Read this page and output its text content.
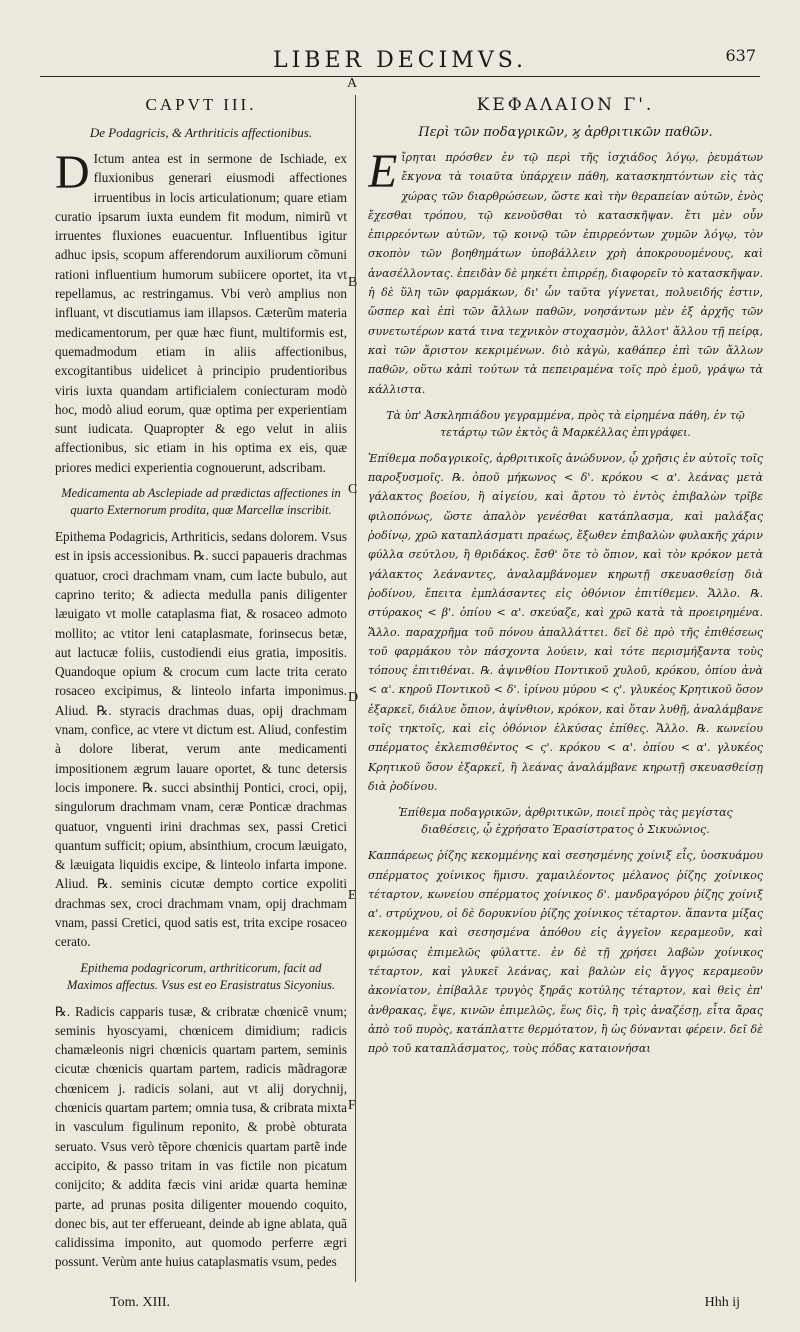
LIBER DECIMVS.	637
A
B
C
D
E
F
CAPVT III.
De Podagricis, & Arthriticis affectionibus.

D Ictum antea est in sermone de Ischiade, ex fluxionibus generari eiusmodi affectiones irruentibus in locis articulationum; quare etiam curatio ipsarum iuxta eundem fit modum, nimirũ vt irruentes fluxiones euacuentur. Influentibus igitur adhuc ipsis, scopum afferendorum auxiliorum cõmuni rationi influentium humorum subiicere oportet, ita vt repellamus, ac restringamus. Vbi verò amplius non influant, vt discutiamus iam illapsos. Cæterũm materia medicamentorum, per quæ hæc fiunt, multiformis est, quemadmodum etiam in aliis affectionibus, excogitantibus uidelicet à principio prudentioribus viris iuxta quandam artificialem coniecturam modò hoc, modò aliud eorum, quæ optima per experientiam sunt iudicata. Quapropter & ego velut in aliis affectionibus, sic etiam in his optima ex eis, quæ priores medici experientia cognouerunt, adscribam.

Medicamenta ab Asclepiade ad prædictas affectiones in quarto Externorum prodita, quæ Marcellæ inscribit.

Epithema Podagricis, Arthriticis, sedans dolorem. Vsus est in ipsis accessionibus. ℞. succi papaueris drachmas quatuor, croci drachmam vnam, cum lacte bubulo, aut caprino terito; & adiecta medulla panis diligenter læuigato vt molle cataplasma fiat, & rosaceo admoto mollito; ac vtitor leni cataplasmate, forinsecus betæ, aut lactucæ foliis, custodiendi eius gratia, impositis. Quandoque opium & crocum cum lacte trita cerato rosaceo excipimus, & linteolo infarta imponimus. Aliud. ℞. styracis drachmas duas, opij drachmam vnam, confice, ac vtere vt dictum est. Aliud, confestim à dolore liberat, verum ante medicamenti impositionem ægrum lauare oportet, & tunc detersis locis imponere. ℞. succi absinthij Pontici, croci, opij, singulorum drachmam vnam, ceræ Ponticæ drachmas quatuor, vnguenti irini drachmas sex, passi Cretici quantum sufficit; opium, absinthium, crocum læuigato, & læuigata liquidis excipe, & linteolo infarta impone. Aliud. ℞. seminis cicutæ dempto cortice expoliti drachmas sex, croci drachmam vnam, opij drachmam vnam, passi Cretici, quod satis est, trita excipe rosaceo cerato.

Epithema podagricorum, arthriticorum, facit ad Maximos affectus. Vsus est eo Erasistratus Sicyonius.

℞. Radicis capparis tusæ, & cribratæ chœnicẽ vnum; seminis hyoscyami, chœnicem dimidium; radicis chamæleonis nigri chœnicis quartam partem, seminis cicutæ chœnicis quartam partem, radicis mãdragoræ chœnicem j. radicis solani, aut vt alij dorychnij, chœnicis quartam partem; omnia tusa, & cribrata mixta in vasculum figulinum reponito, & probè obturata seruato. Vsus verò tẽpore chœnicis quartam partẽ inde accipito, & passo tritam in vas fictile non picatum conijcito; & addita fæcis vini aridæ quarta heminæ parte, ad prunas posita diligenter mouendo coquito, donec bis, aut ter efferueant, deinde ab igne ablata, quã calidissima imponito, aut quomodo perferre ægri possunt. Verùm ante huius cataplasmatis vsum, pedes

ΚΕΦΑΛΑΙΟΝ Γ'.
Περὶ τῶν ποδαγρικῶν, ϗ ἀρθριτικῶν παθῶν.

Εἴρηται πρόσθεν ἐν τῷ περὶ τῆς ἰσχιάδος λόγῳ, ῥευμάτων ἔκγονα τὰ τοιαῦτα ὑπάρχειν πάθη, κατασκηπτόντων εἰς τὰς χώρας τῶν διαρθρώσεων, ὥστε καὶ τὴν θεραπείαν αὐτῶν, ἑνὸς ἔχεσθαι τρόπου, τῷ κενοῦσθαι τὸ κατασκῆψαν. ἔτι μὲν οὖν ἐπιρρεόντων αὐτῶν, τῷ κοινῷ τῶν ἐπιρρεόντων χυμῶν λόγῳ, τὸν σκοπὸν τῶν βοηθημάτων ὑποβάλλειν χρὴ ἀποκρουομένους, καὶ ἀνασέλλοντας. ἐπειδὰν δὲ μηκέτι ἐπιρρέῃ, διαφορεῖν τὸ κατασκῆψαν. ἡ δὲ ὕλη τῶν φαρμάκων, δι' ὧν ταῦτα γίγνεται, πολυειδής ἐστιν, ὥσπερ καὶ ἐπὶ τῶν ἄλλων παθῶν, νοησάντων μὲν ἐξ ἀρχῆς τῶν συνετωτέρων κατά τινα τεχνικὸν στοχασμὸν, ἄλλοτ' ἄλλου τῇ πείρᾳ, καὶ τῶν ἄριστον κεκριμένων. διὸ κἀγὼ, καθάπερ ἐπὶ τῶν ἄλλων παθῶν, οὕτω κἀπὶ τούτων τὰ πεπειραμένα τοῖς πρὸ ἐμοῦ, γράψω τὰ κάλλιστα.

Τὰ ὑπ' Ἀσκληπιάδου γεγραμμένα, πρὸς τὰ εἰρημένα πάθη, ἐν τῷ τετάρτῳ τῶν ἐκτὸς ἃ Μαρκέλλας ἐπιγράφει.

Ἐπίθεμα ποδαγρικοῖς, ἀρθριτικοῖς ἀνώδυνον, ᾧ χρῆσις ἐν αὐτοῖς τοῖς παροξυσμοῖς. ℞. ὀποῦ μήκωνος < δ'. κρόκου < α'. λεάνας μετὰ γάλακτος βοείου, ἢ αἰγείου, καὶ ἄρτου τὸ ἐντὸς ἐπιβαλὼν τρῖβε φιλοπόνως, ὥστε ἁπαλὸν γενέσθαι κατάπλασμα, καὶ μαλάξας ῥοδίνῳ, χρῶ καταπλάσματι πραέως, ἔξωθεν ἐπιβαλὼν φυλακῆς χάριν φύλλα σεύτλου, ἢ θριδάκος. ἔσθ' ὅτε τὸ ὄπιον, καὶ τὸν κρόκον μετὰ γάλακτος λεάναντες, ἀναλαμβάνομεν κηρωτῇ σκευασθείσῃ διὰ ῥοδίνου, ἔπειτα ἐμπλάσαντες εἰς ὀθόνιον ἐπιτίθεμεν. Ἄλλο. ℞. στύρακος < β'. ὀπίου < α'. σκεύαζε, καὶ χρῶ κατὰ τὰ προειρημένα. Ἄλλο. παραχρῆμα τοῦ πόνου ἀπαλλάττει. δεῖ δὲ πρὸ τῆς ἐπιθέσεως τοῦ φαρμάκου τὸν πάσχοντα λούειν, καὶ τότε περισμήξαντα τοὺς τόπους ἐπιτιθέναι. ℞. ἀψινθίου Ποντικοῦ χυλοῦ, κρόκου, ὀπίου ἀνὰ < α'. κηροῦ Ποντικοῦ < δ'. ἰρίνου μύρου < ς'. γλυκέος Κρητικοῦ ὅσον ἐξαρκεῖ, διάλυε ὄπιον, ἀψίνθιον, κρόκον, καὶ ὅταν λυθῇ, ἀναλάμβανε τοῖς τηκτοῖς, καὶ εἰς ὀθόνιον ἑλκύσας ἐπίθες. Ἄλλο. ℞. κωνείου σπέρματος ἐκλεπισθέντος < ς'. κρόκου < α'. ὀπίου < α'. γλυκέος Κρητικοῦ ὅσον ἐξαρκεῖ, ἢ λεάνας ἀναλάμβανε κηρωτῇ σκευασθείσῃ διὰ ῥοδίνου.

Ἐπίθεμα ποδαγρικῶν, ἀρθριτικῶν, ποιεῖ πρὸς τὰς μεγίστας διαθέσεις, ᾧ ἐχρήσατο Ἐρασίστρατος ὁ Σικυώνιος.

Καππάρεως ῥίζης κεκομμένης καὶ σεσησμένης χοίνιξ εἷς, ὑοσκυάμου σπέρματος χοίνικος ἥμισυ. χαμαιλέοντος μέλανος ῥίζης χοίνικος τέταρτον, κωνείου σπέρματος χοίνικος δ'. μανδραγόρου ῥίζης χοίνιξ α'. στρύχνου, οἱ δὲ δορυκνίου ῥίζης χοίνικος τέταρτον. ἅπαντα μίξας κεκομμένα καὶ σεσησμένα ἀπόθου εἰς ἀγγεῖον κεραμεοῦν, καὶ φιμώσας ἐπιμελῶς φύλαττε. ἐν δὲ τῇ χρήσει λαβὼν χοίνικος τέταρτον, καὶ γλυκεῖ λεάνας, καὶ βαλὼν εἰς ἄγγος κεραμεοῦν ἀκονίατον, ἐπίβαλλε τρυγὸς ξηρᾶς κοτύλης τέταρτον, καὶ θεὶς ἐπ' ἀνθρακας, ἕψε, κινῶν ἐπιμελῶς, ἕως δὶς, ἢ τρὶς ἀναζέσῃ, εἶτα ἄρας ἀπὸ τοῦ πυρὸς, κατάπλαττε θερμότατον, ἢ ὡς δύνανται φέρειν. δεῖ δὲ πρὸ τοῦ καταπλάσματος, τοὺς πόδας καταιονήσαι

Tom. XIII.	Hhh ij
